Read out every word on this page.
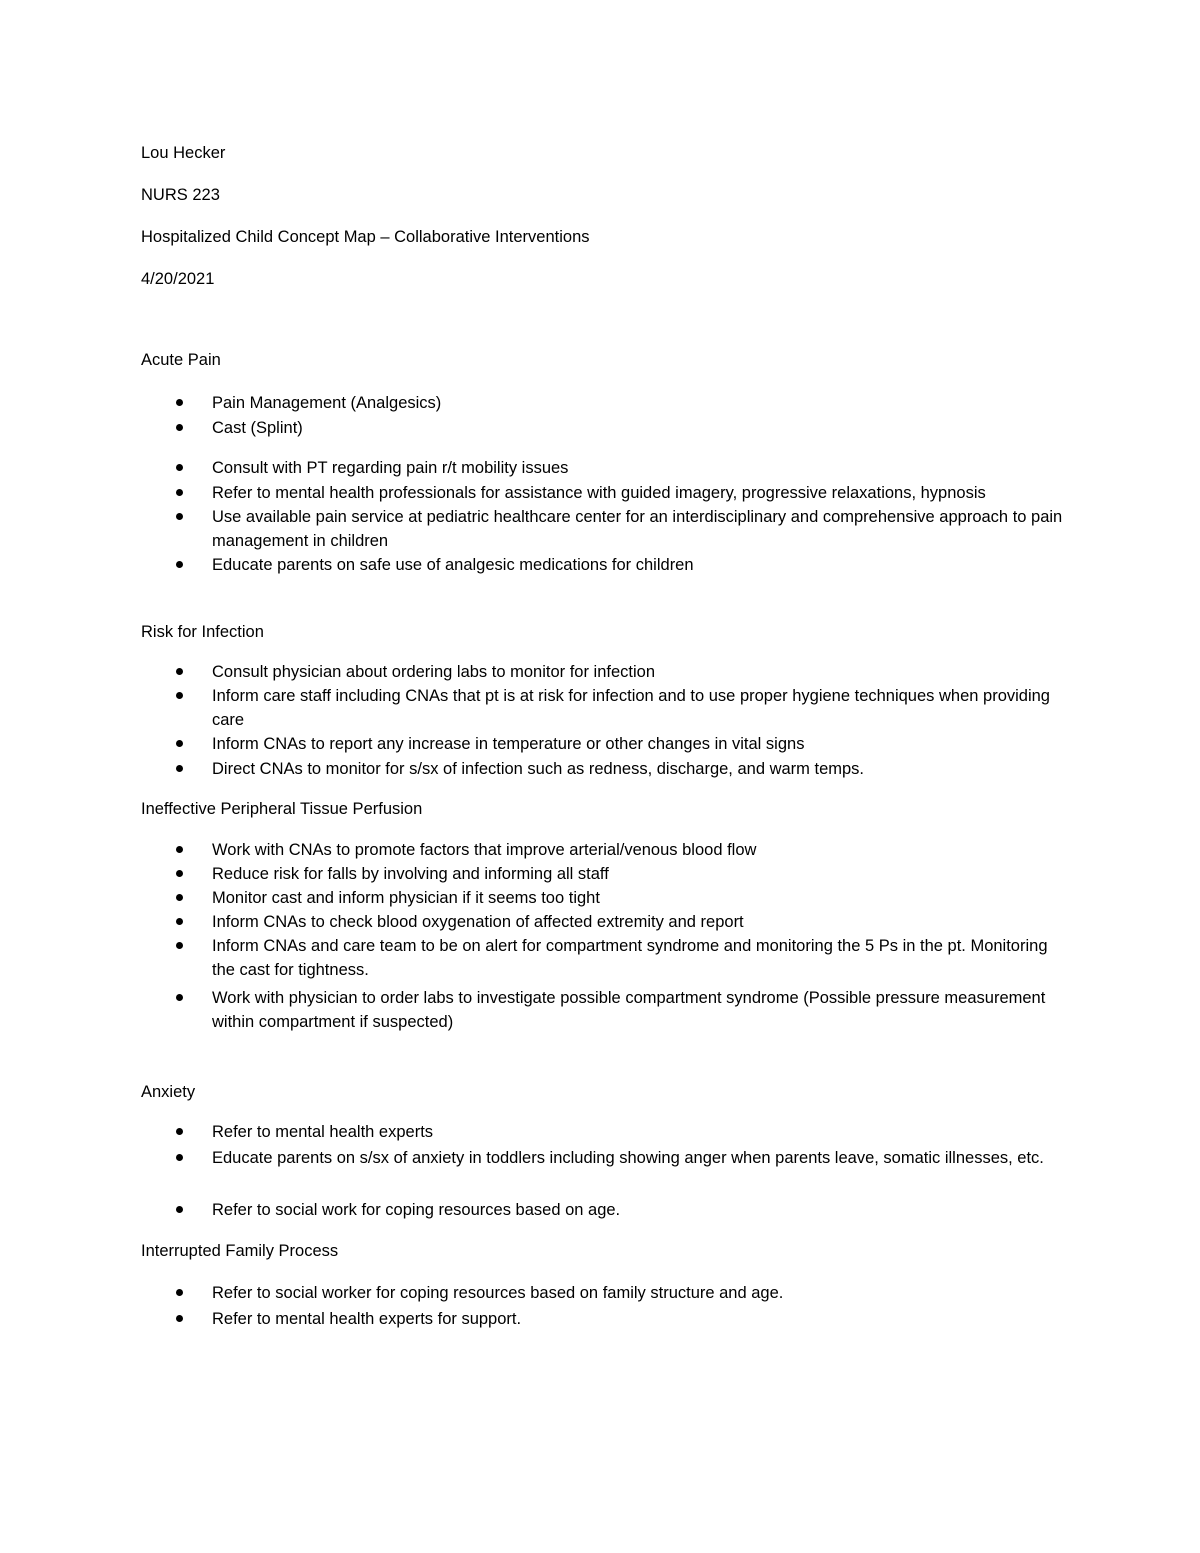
Lou Hecker
NURS 223
Hospitalized Child Concept Map – Collaborative Interventions
4/20/2021
Acute Pain
Pain Management (Analgesics)
Cast (Splint)
Consult with PT regarding pain r/t mobility issues
Refer to mental health professionals for assistance with guided imagery, progressive relaxations, hypnosis
Use available pain service at pediatric healthcare center for an interdisciplinary and comprehensive approach to pain management in children
Educate parents on safe use of analgesic medications for children
Risk for Infection
Consult physician about ordering labs to monitor for infection
Inform care staff including CNAs that pt is at risk for infection and to use proper hygiene techniques when providing care
Inform CNAs to report any increase in temperature or other changes in vital signs
Direct CNAs to monitor for s/sx of infection such as redness, discharge, and warm temps.
Ineffective Peripheral Tissue Perfusion
Work with CNAs to promote factors that improve arterial/venous blood flow
Reduce risk for falls by involving and informing all staff
Monitor cast and inform physician if it seems too tight
Inform CNAs to check blood oxygenation of affected extremity and report
Inform CNAs and care team to be on alert for compartment syndrome and monitoring the 5 Ps in the pt. Monitoring the cast for tightness.
Work with physician to order labs to investigate possible compartment syndrome (Possible pressure measurement within compartment if suspected)
Anxiety
Refer to mental health experts
Educate parents on s/sx of anxiety in toddlers including showing anger when parents leave, somatic illnesses, etc.
Refer to social work for coping resources based on age.
Interrupted Family Process
Refer to social worker for coping resources based on family structure and age.
Refer to mental health experts for support.
